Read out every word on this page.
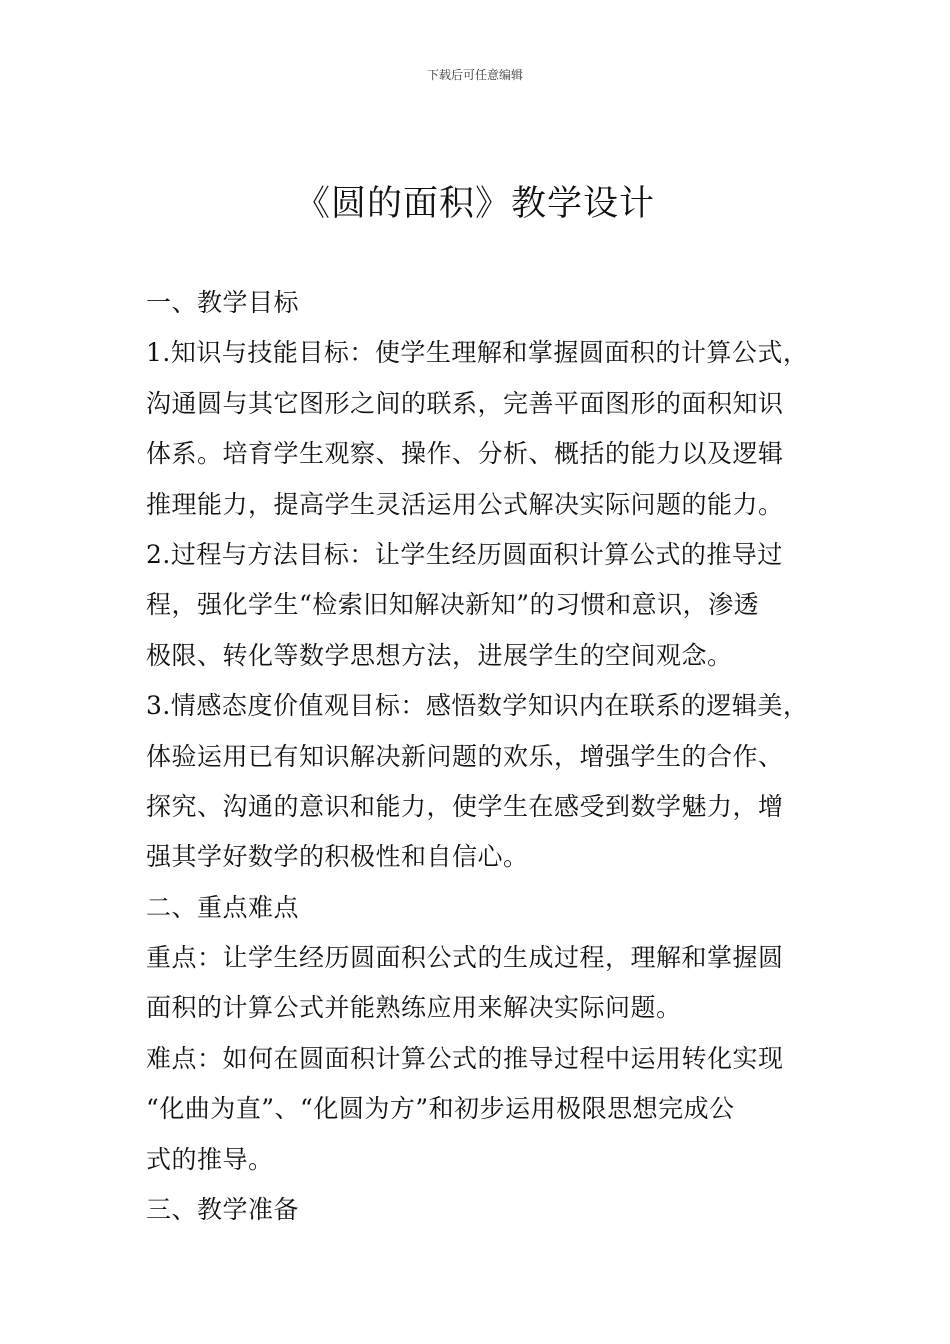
下载后可任意编辑
《圆的面积》教学设计
一、教学目标
1.知识与技能目标：使学生理解和掌握圆面积的计算公式，
沟通圆与其它图形之间的联系，完善平面图形的面积知识
体系。培育学生观察、操作、分析、概括的能力以及逻辑
推理能力，提高学生灵活运用公式解决实际问题的能力。
2.过程与方法目标：让学生经历圆面积计算公式的推导过
程，强化学生“检索旧知解决新知”的习惯和意识，渗透
极限、转化等数学思想方法，进展学生的空间观念。
3.情感态度价值观目标：感悟数学知识内在联系的逻辑美，
体验运用已有知识解决新问题的欢乐，增强学生的合作、
探究、沟通的意识和能力，使学生在感受到数学魅力，增
强其学好数学的积极性和自信心。
二、重点难点
重点：让学生经历圆面积公式的生成过程，理解和掌握圆
面积的计算公式并能熟练应用来解决实际问题。
难点：如何在圆面积计算公式的推导过程中运用转化实现
“化曲为直”、“化圆为方”和初步运用极限思想完成公
式的推导。
三、教学准备
